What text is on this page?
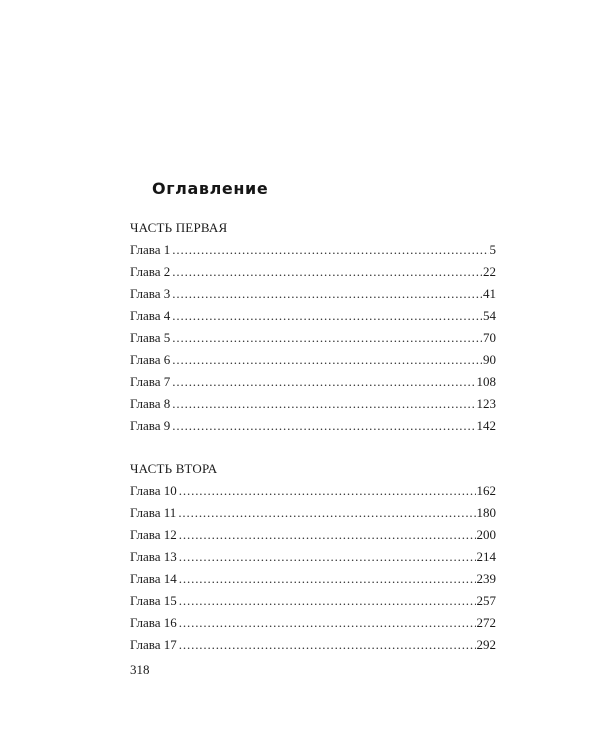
Оглавление
ЧАСТЬ ПЕРВАЯ
Глава 1 . . .	5
Глава 2 . . .	22
Глава 3 . . .	41
Глава 4 . . .	54
Глава 5 . . .	70
Глава 6 . . .	90
Глава 7 . . .	108
Глава 8 . . .	123
Глава 9 . . .	142
ЧАСТЬ ВТОРА
Глава 10 . . .	162
Глава 11 . . .	180
Глава 12 . . .	200
Глава 13 . . .	214
Глава 14 . . .	239
Глава 15 . . .	257
Глава 16 . . .	272
Глава 17 . . .	292
318
